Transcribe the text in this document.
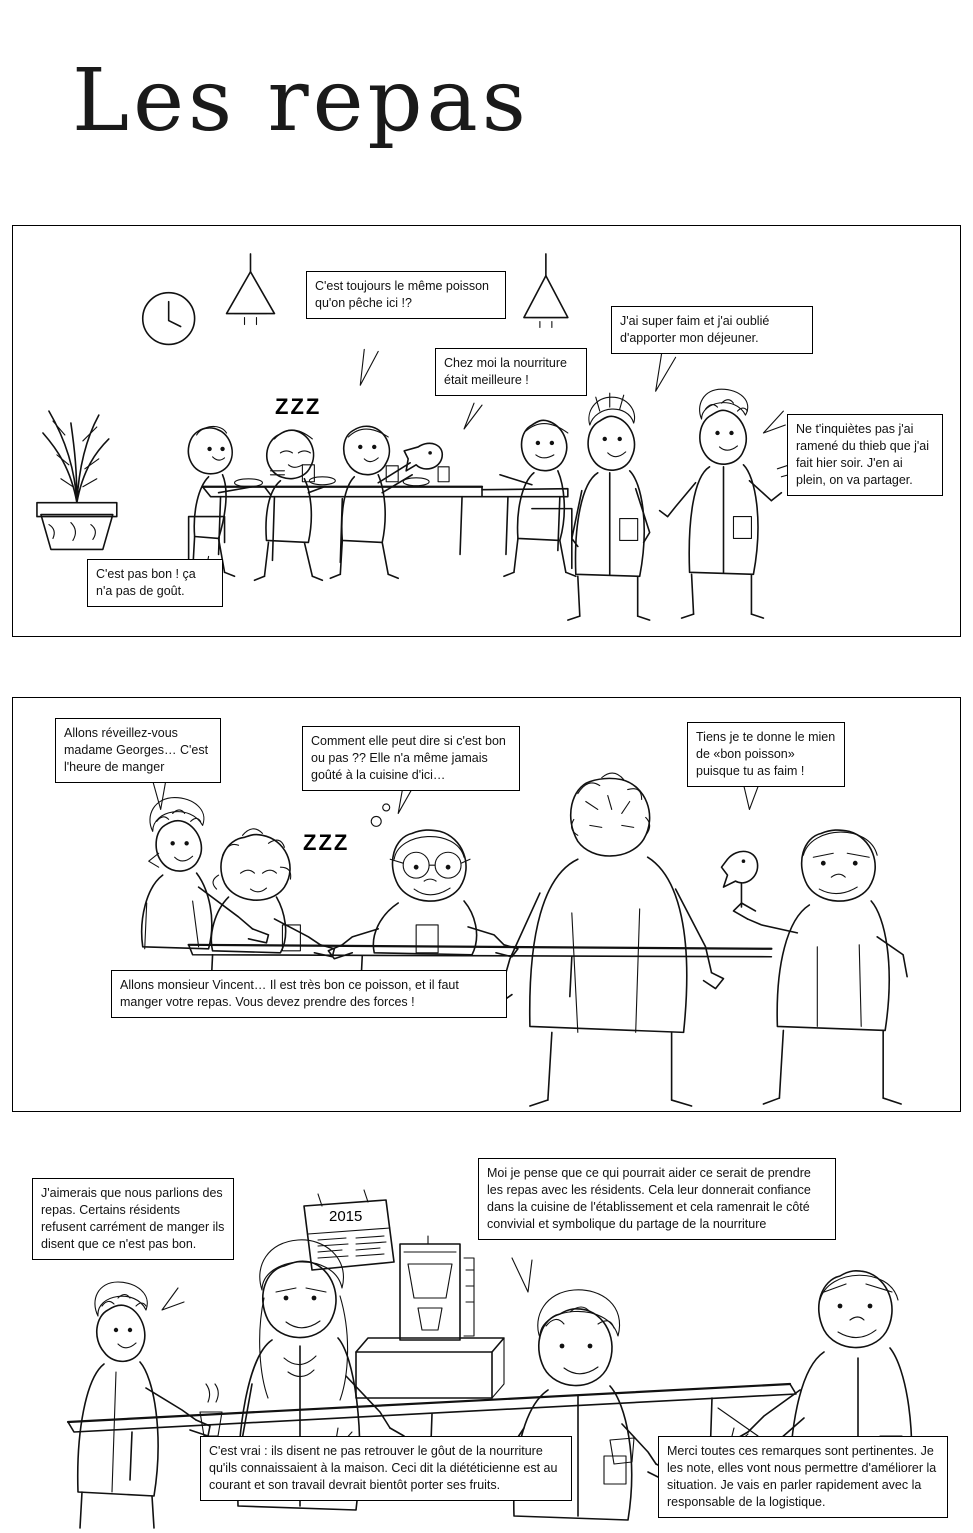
Les repas
ZZZ
C'est toujours le même poisson qu'on pêche ici !?
Chez moi la nourriture était meilleure !
J'ai super faim et j'ai oublié d'apporter mon déjeuner.
Ne t'inquiètes pas j'ai ramené du thieb que j'ai fait hier soir. J'en ai plein, on va partager.
C'est pas bon ! ça n'a pas de goût.
ZZZ
Allons réveillez-vous madame Georges… C'est l'heure de manger
Comment elle peut dire si c'est bon ou pas ?? Elle n'a même jamais goûté à la cuisine d'ici…
Tiens je te donne le mien de «bon poisson» puisque tu as faim !
Allons monsieur Vincent… Il est très bon ce poisson, et il faut manger votre repas. Vous devez prendre des forces !
2015
J'aimerais que nous parlions des repas. Certains résidents refusent carrément de manger ils disent que ce n'est pas bon.
Moi je pense que ce qui pourrait aider ce serait de prendre les repas avec les résidents. Cela leur donnerait confiance dans la cuisine de l'établissement et cela ramenrait le côté convivial et symbolique du partage de la nourriture
C'est vrai : ils disent ne pas retrouver le gôut de la nourriture qu'ils connaissaient à la maison. Ceci dit la diététicienne est au courant et son travail devrait bientôt porter ses fruits.
Merci toutes ces remarques sont pertinentes. Je les note, elles vont nous permettre d'améliorer la situation. Je vais en parler rapidement avec la responsable de la logistique.
